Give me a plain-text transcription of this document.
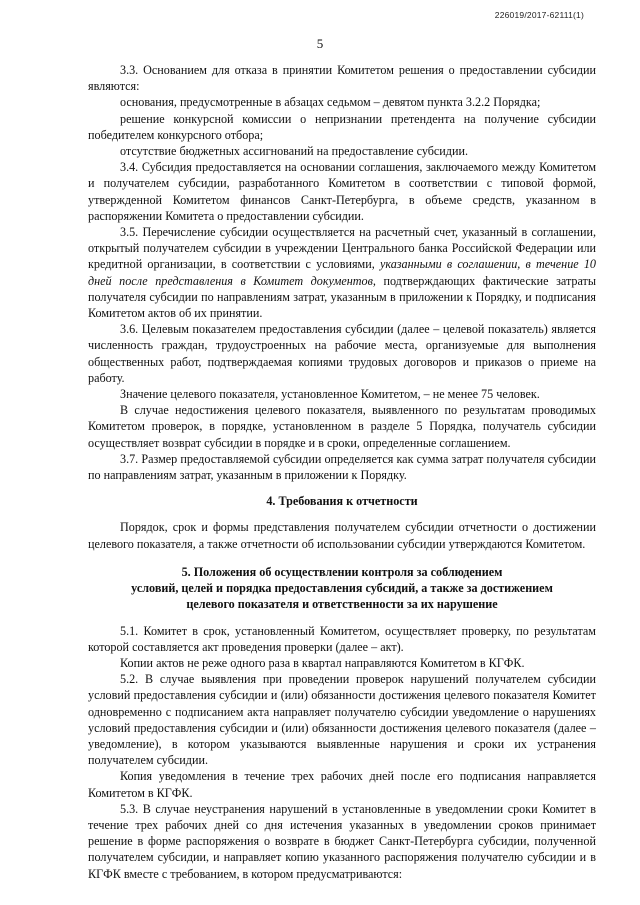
226019/2017-62111(1)
5

3.3. Основанием для отказа в принятии Комитетом решения о предоставлении субсидии являются:

основания, предусмотренные в абзацах седьмом – девятом пункта 3.2.2 Порядка;

решение конкурсной комиссии о непризнании претендента на получение субсидии победителем конкурсного отбора;

отсутствие бюджетных ассигнований на предоставление субсидии.

3.4. Субсидия предоставляется на основании соглашения, заключаемого между Комитетом и получателем субсидии, разработанного Комитетом в соответствии с типовой формой, утвержденной Комитетом финансов Санкт-Петербурга, в объеме средств, указанном в распоряжении Комитета о предоставлении субсидии.

3.5. Перечисление субсидии осуществляется на расчетный счет, указанный в соглашении, открытый получателем субсидии в учреждении Центрального банка Российской Федерации или кредитной организации, в соответствии с условиями, указанными в соглашении, в течение 10 дней после представления в Комитет документов, подтверждающих фактические затраты получателя субсидии по направлениям затрат, указанным в приложении к Порядку, и подписания Комитетом актов об их принятии.

3.6. Целевым показателем предоставления субсидии (далее – целевой показатель) является численность граждан, трудоустроенных на рабочие места, организуемые для выполнения общественных работ, подтверждаемая копиями трудовых договоров и приказов о приеме на работу.

Значение целевого показателя, установленное Комитетом, – не менее 75 человек.

В случае недостижения целевого показателя, выявленного по результатам проводимых Комитетом проверок, в порядке, установленном в разделе 5 Порядка, получатель субсидии осуществляет возврат субсидии в порядке и в сроки, определенные соглашением.

3.7. Размер предоставляемой субсидии определяется как сумма затрат получателя субсидии по направлениям затрат, указанным в приложении к Порядку.

4. Требования к отчетности

Порядок, срок и формы представления получателем субсидии отчетности о достижении целевого показателя, а также отчетности об использовании субсидии утверждаются Комитетом.

5. Положения об осуществлении контроля за соблюдением
условий, целей и порядка предоставления субсидий, а также за достижением
целевого показателя и ответственности за их нарушение

5.1. Комитет в срок, установленный Комитетом, осуществляет проверку, по результатам которой составляется акт проведения проверки (далее – акт).

Копии актов не реже одного раза в квартал направляются Комитетом в КГФК.

5.2. В случае выявления при проведении проверок нарушений получателем субсидии условий предоставления субсидии и (или) обязанности достижения целевого показателя Комитет одновременно с подписанием акта направляет получателю субсидии уведомление о нарушениях условий предоставления субсидии и (или) обязанности достижения целевого показателя (далее – уведомление), в котором указываются выявленные нарушения и сроки их устранения получателем субсидии.

Копия уведомления в течение трех рабочих дней после его подписания направляется Комитетом в КГФК.

5.3. В случае неустранения нарушений в установленные в уведомлении сроки Комитет в течение трех рабочих дней со дня истечения указанных в уведомлении сроков принимает решение в форме распоряжения о возврате в бюджет Санкт-Петербурга субсидии, полученной получателем субсидии, и направляет копию указанного распоряжения получателю субсидии и в КГФК вместе с требованием, в котором предусматриваются:
